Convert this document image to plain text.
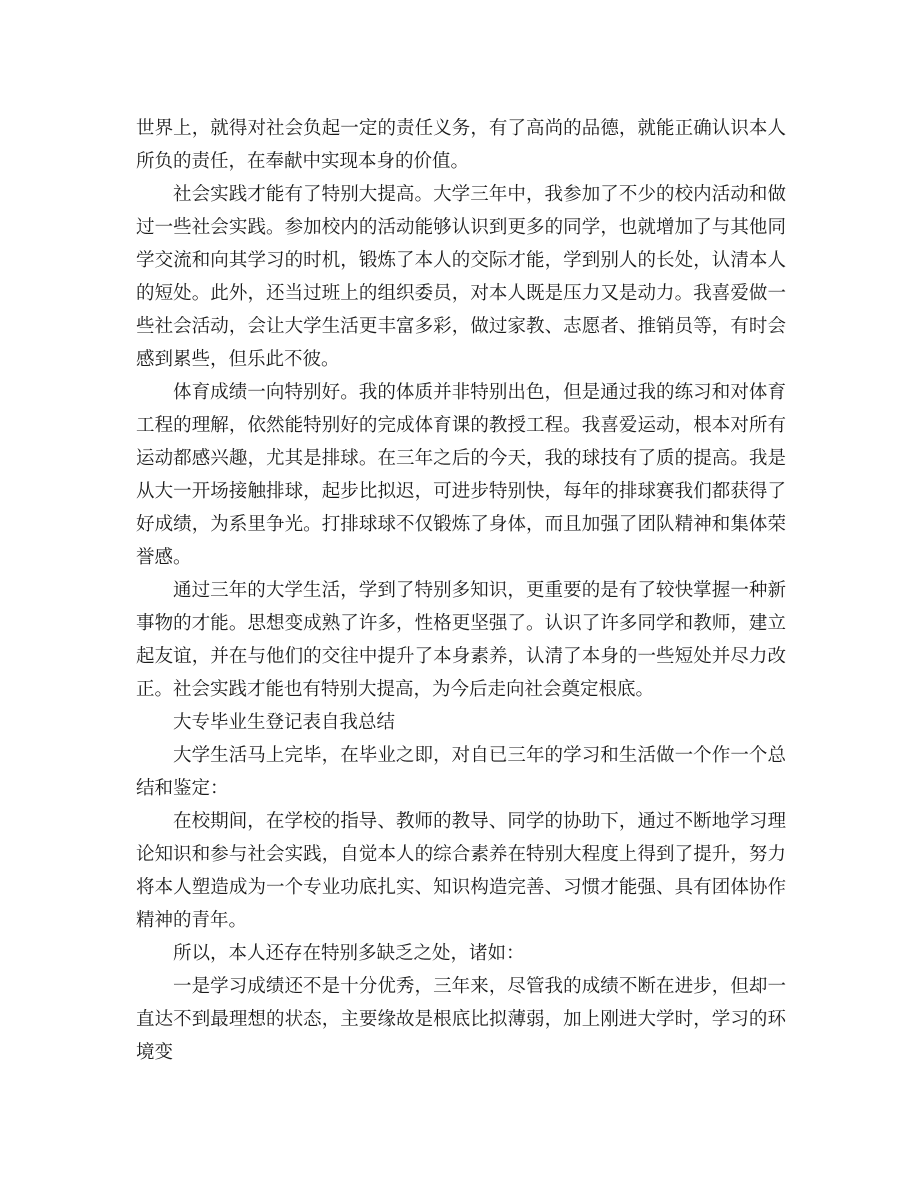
世界上，就得对社会负起一定的责任义务，有了高尚的品德，就能正确认识本人所负的责任，在奉献中实现本身的价值。

社会实践才能有了特别大提高。大学三年中，我参加了不少的校内活动和做过一些社会实践。参加校内的活动能够认识到更多的同学，也就增加了与其他同学交流和向其学习的时机，锻炼了本人的交际才能，学到别人的长处，认清本人的短处。此外，还当过班上的组织委员，对本人既是压力又是动力。我喜爱做一些社会活动，会让大学生活更丰富多彩，做过家教、志愿者、推销员等，有时会感到累些，但乐此不彼。

体育成绩一向特别好。我的体质并非特别出色，但是通过我的练习和对体育工程的理解，依然能特别好的完成体育课的教授工程。我喜爱运动，根本对所有运动都感兴趣，尤其是排球。在三年之后的今天，我的球技有了质的提高。我是从大一开场接触排球，起步比拟迟，可进步特别快，每年的排球赛我们都获得了好成绩，为系里争光。打排球球不仅锻炼了身体，而且加强了团队精神和集体荣誉感。

通过三年的大学生活，学到了特别多知识，更重要的是有了较快掌握一种新事物的才能。思想变成熟了许多，性格更坚强了。认识了许多同学和教师，建立起友谊，并在与他们的交往中提升了本身素养，认清了本身的一些短处并尽力改正。社会实践才能也有特别大提高，为今后走向社会奠定根底。

大专毕业生登记表自我总结

大学生活马上完毕，在毕业之即，对自已三年的学习和生活做一个作一个总结和鉴定：

在校期间，在学校的指导、教师的教导、同学的协助下，通过不断地学习理论知识和参与社会实践，自觉本人的综合素养在特别大程度上得到了提升，努力将本人塑造成为一个专业功底扎实、知识构造完善、习惯才能强、具有团体协作精神的青年。

所以，本人还存在特别多缺乏之处，诸如：

一是学习成绩还不是十分优秀，三年来，尽管我的成绩不断在进步，但却一直达不到最理想的状态，主要缘故是根底比拟薄弱，加上刚进大学时，学习的环境变
